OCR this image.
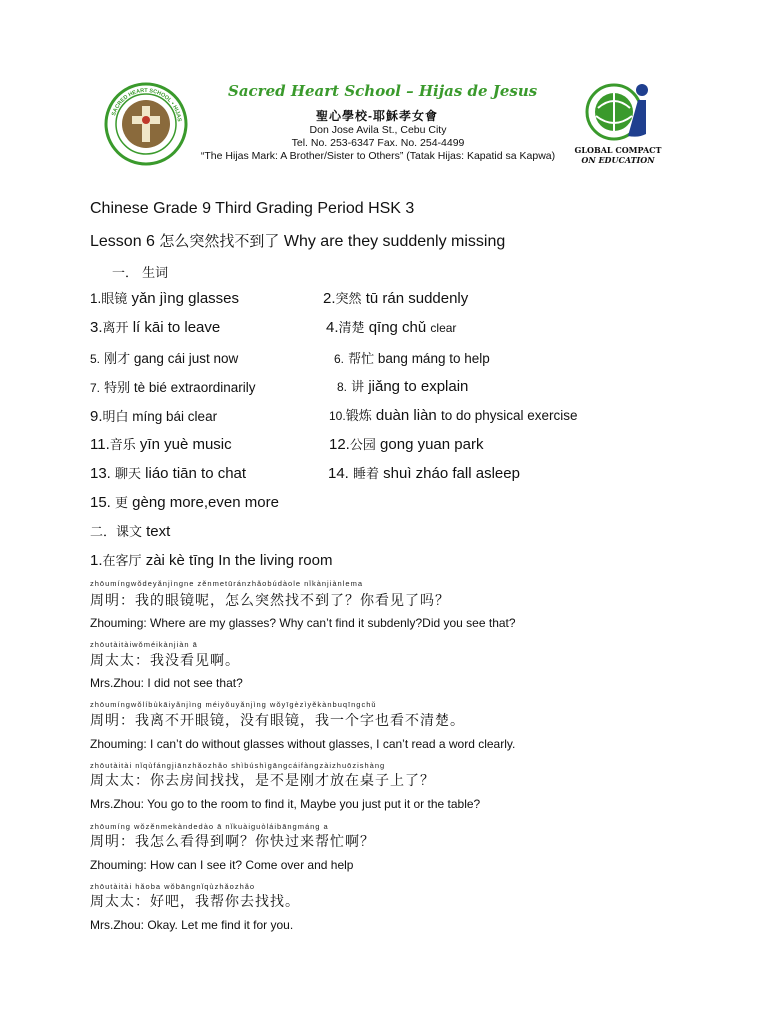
SACRED HEART SCHOOL • HIJAS
Sacred Heart School – Hijas de Jesus
聖心學校-耶穌孝女會
Don Jose Avila St., Cebu City
Tel. No. 253-6347 Fax. No. 254-4499
“The Hijas Mark: A Brother/Sister to Others” (Tatak Hijas: Kapatid sa Kapwa)	GLOBAL COMPACT
ON EDUCATION
Chinese Grade 9 Third Grading Period HSK 3
Lesson 6 怎么突然找不到了 Why are they suddenly missing
一． 生词
1.眼镜 yǎn jìng glasses	2.突然 tū rán suddenly
3.离开 lí kāi to leave	4.清楚 qīng chǔ clear
5. 刚才 gang cái just now	6. 帮忙 bang máng to help
7. 特别 tè bié extraordinarily	8. 讲 jiǎng to explain
9.明白 míng bái clear	10.锻炼 duàn liàn to do physical exercise
11.音乐 yīn yuè music	12.公园 gong yuan park
13. 聊天 liáo tiān to chat	14. 睡着 shuì zháo fall asleep
15. 更 gèng more,even more
二．课文 text
1.在客厅 zài kè tīng In the living room
zhōumíngwǒdeyǎnjìngne zěnmetūránzhǎobúdàole nǐkànjiànlema
周明：我的眼镜呢，怎么突然找不到了？你看见了吗？
Zhouming: Where are my glasses? Why can’t find it subdenly?Did you see that?
zhōutàitàiwǒméikànjiàn ā
周太太：我没看见啊。
Mrs.Zhou: I did not see that?
zhōumíngwǒlíbùkāiyǎnjìng méiyǒuyǎnjìng wǒyīgèzìyěkànbuqīngchǔ
周明：我离不开眼镜，没有眼镜，我一个字也看不清楚。
Zhouming: I can’t do without glasses without glasses, I can’t read a word clearly.
zhōutàitài nǐqùfángjiānzhǎozhǎo shìbúshìgāngcáifàngzàizhuōzishàng
周太太：你去房间找找，是不是刚才放在桌子上了？
Mrs.Zhou: You go to the room to find it, Maybe you just put it or the table?
zhōumíng wǒzěnmekàndedào ā nǐkuàiguòláibāngmáng a
周明：我怎么看得到啊？你快过来帮忙啊？
Zhouming: How can I see it? Come over and help
zhōutàitài hǎoba wǒbāngnǐqùzhǎozhǎo
周太太：好吧，我帮你去找找。
Mrs.Zhou: Okay. Let me find it for you.
